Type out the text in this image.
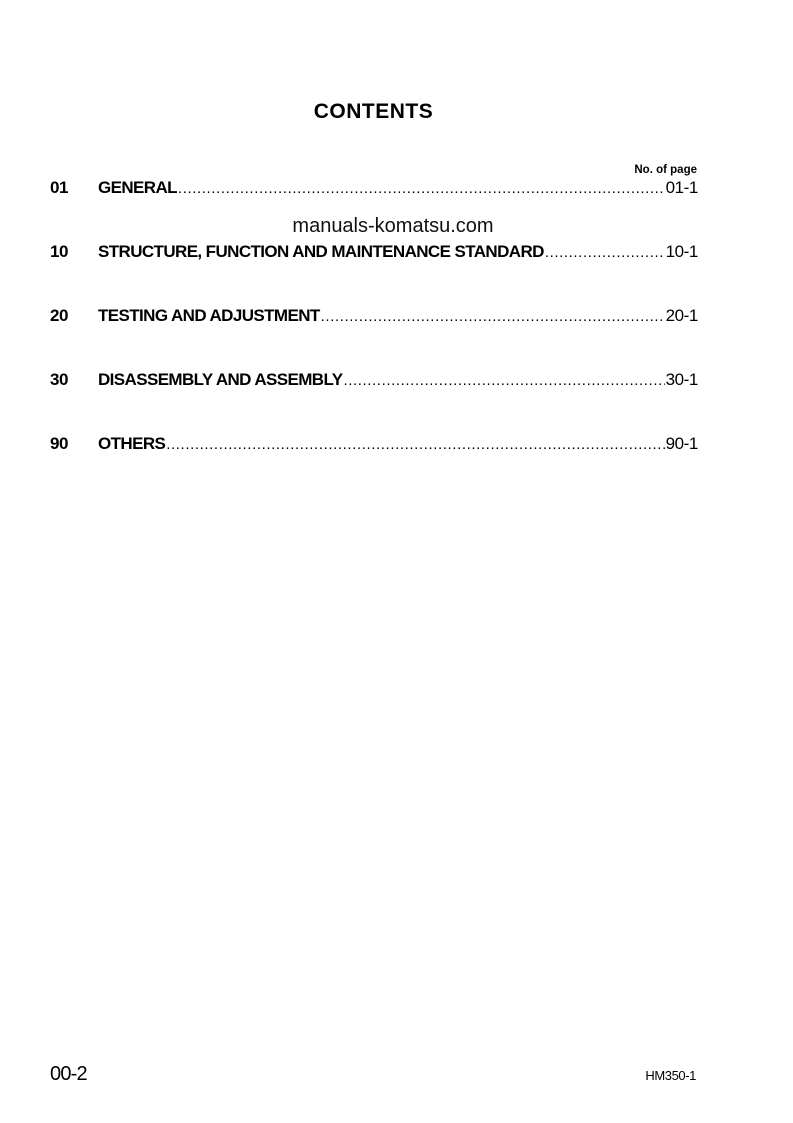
CONTENTS
No. of page
01	GENERAL .....	01-1
manuals-komatsu.com
10	STRUCTURE, FUNCTION AND MAINTENANCE STANDARD .....	10-1
20	TESTING AND ADJUSTMENT .....	20-1
30	DISASSEMBLY AND ASSEMBLY .....	30-1
90	OTHERS .....	90-1
00-2	HM350-1
